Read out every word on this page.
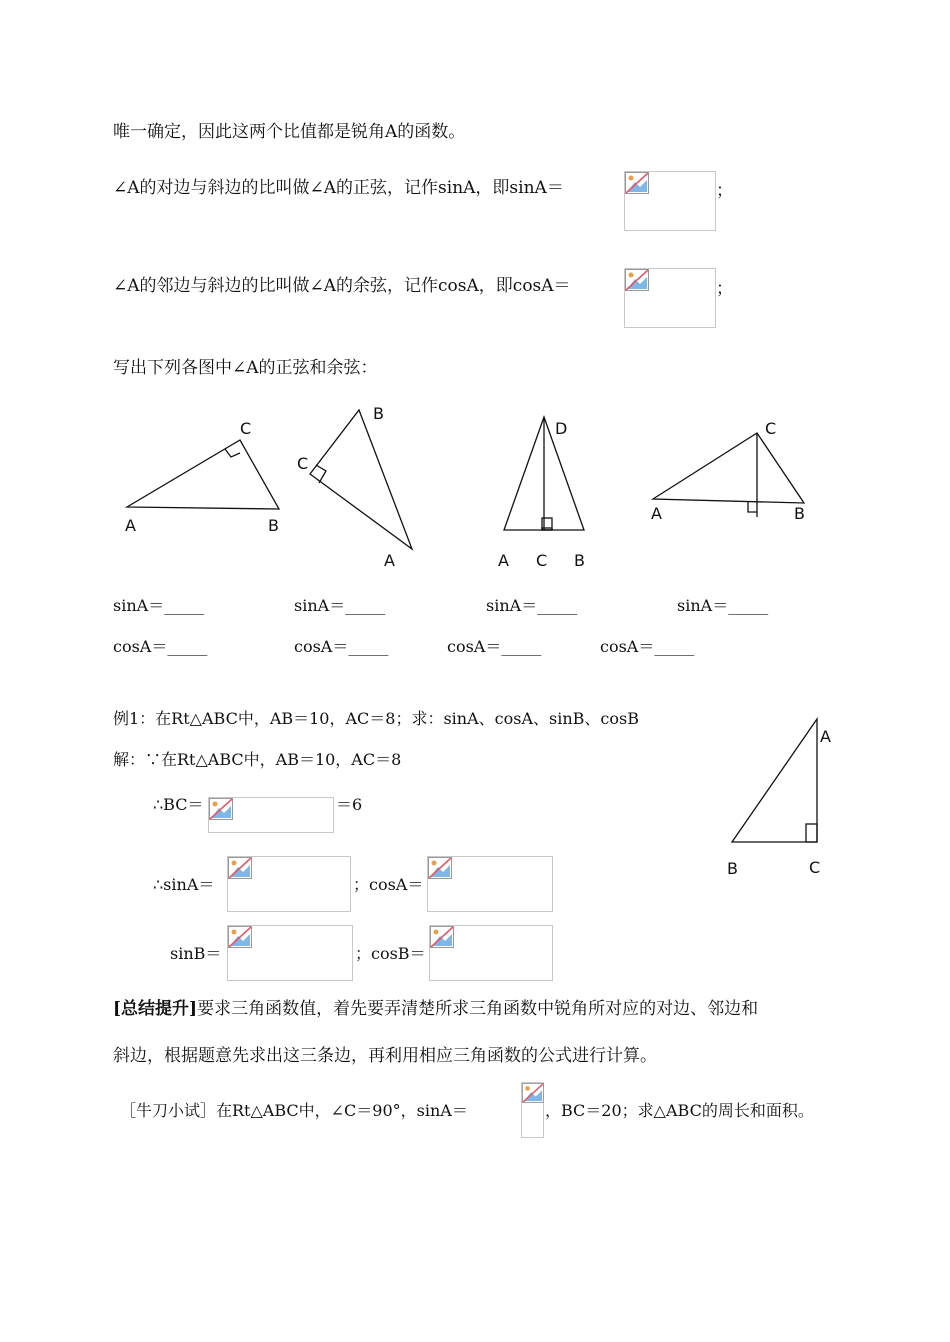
唯一确定，因此这两个比值都是锐角A的函数。
∠A的对边与斜边的比叫做∠A的正弦，记作sinA，即sinA＝	；
∠A的邻边与斜边的比叫做∠A的余弦，记作cosA，即cosA＝	；
写出下列各图中∠A的正弦和余弦：
C
A	B
B
C
A
D
A C B
C
A	B
sinA＝_____	sinA＝_____	sinA＝_____	sinA＝_____
cosA＝_____	cosA＝_____	cosA＝_____	cosA＝_____
例1：在Rt△ABC中，AB＝10，AC＝8；求：sinA、cosA、sinB、cosB
解：∵在Rt△ABC中，AB＝10，AC＝8
A
B	C
∴BC＝	＝6
∴sinA＝	；cosA＝
sinB＝	；cosB＝
[总结提升]要求三角函数值，着先要弄清楚所求三角函数中锐角所对应的对边、邻边和
斜边，根据题意先求出这三条边，再利用相应三角函数的公式进行计算。
［牛刀小试］在Rt△ABC中，∠C＝90°，sinA＝	，BC＝20；求△ABC的周长和面积。
